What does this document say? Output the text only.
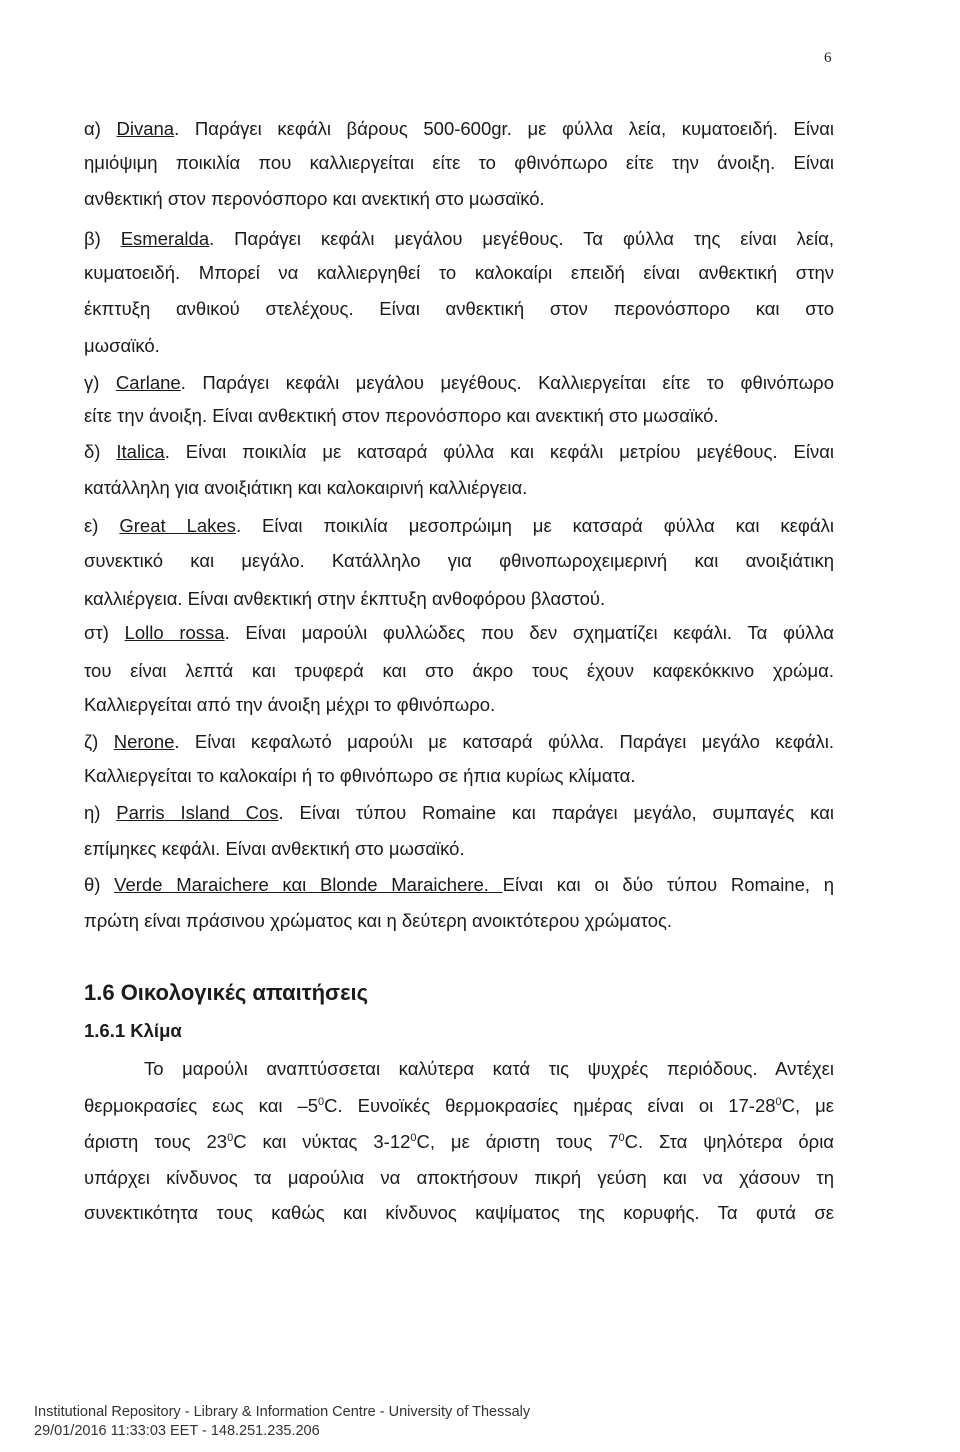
6
α) Divana. Παράγει κεφάλι βάρους 500-600gr. με φύλλα λεία, κυματοειδή. Είναι
ημιόψιμη ποικιλία που καλλιεργείται είτε το φθινόπωρο είτε την άνοιξη. Είναι
ανθεκτική στον περονόσπορο και ανεκτική στο μωσαϊκό.
β) Esmeralda. Παράγει κεφάλι μεγάλου μεγέθους. Τα φύλλα της είναι λεία,
κυματοειδή. Μπορεί να καλλιεργηθεί το καλοκαίρι επειδή είναι ανθεκτική στην
έκπτυξη ανθικού στελέχους. Είναι ανθεκτική στον περονόσπορο και στο
μωσαϊκό.
γ) Carlane. Παράγει κεφάλι μεγάλου μεγέθους. Καλλιεργείται είτε το φθινόπωρο
είτε την άνοιξη. Είναι ανθεκτική στον περονόσπορο και ανεκτική στο μωσαϊκό.
δ) Italica. Είναι ποικιλία με κατσαρά φύλλα και κεφάλι μετρίου μεγέθους. Είναι
κατάλληλη για ανοιξιάτικη και καλοκαιρινή καλλιέργεια.
ε) Great Lakes. Είναι ποικιλία μεσοπρώιμη με κατσαρά φύλλα και κεφάλι
συνεκτικό και μεγάλο. Κατάλληλο για φθινοπωροχειμερινή και ανοιξιάτικη
καλλιέργεια. Είναι ανθεκτική στην έκπτυξη ανθοφόρου βλαστού.
στ) Lollo rossa. Είναι μαρούλι φυλλώδες που δεν σχηματίζει κεφάλι. Τα φύλλα
του είναι λεπτά και τρυφερά και στο άκρο τους έχουν καφεκόκκινο χρώμα.
Καλλιεργείται από την άνοιξη μέχρι το φθινόπωρο.
ζ) Nerone. Είναι κεφαλωτό μαρούλι με κατσαρά φύλλα. Παράγει μεγάλο κεφάλι.
Καλλιεργείται το καλοκαίρι ή το φθινόπωρο σε ήπια κυρίως κλίματα.
η) Parris Island Cos. Είναι τύπου Romaine και παράγει μεγάλο, συμπαγές και
επίμηκες κεφάλι. Είναι ανθεκτική στο μωσαϊκό.
θ) Verde Maraichere και Blonde Maraichere. Είναι και οι δύο τύπου Romaine, η
πρώτη είναι πράσινου χρώματος και η δεύτερη ανοικτότερου χρώματος.
1.6 Οικολογικές απαιτήσεις
1.6.1 Κλίμα
Το μαρούλι αναπτύσσεται καλύτερα κατά τις ψυχρές περιόδους. Αντέχει
θερμοκρασίες εως και $-5^0C$. Ευνοϊκές θερμοκρασίες ημέρας είναι οι $17-28^0C$, με
άριστη τους $23^0C$ και νύκτας $3-12^0C$, με άριστη τους $7^0C$. Στα ψηλότερα όρια
υπάρχει κίνδυνος τα μαρούλια να αποκτήσουν πικρή γεύση και να χάσουν τη
συνεκτικότητα τους καθώς και κίνδυνος καψίματος της κορυφής. Τα φυτά σε
Institutional Repository - Library & Information Centre - University of Thessaly
29/01/2016 11:33:03 EET - 148.251.235.206
